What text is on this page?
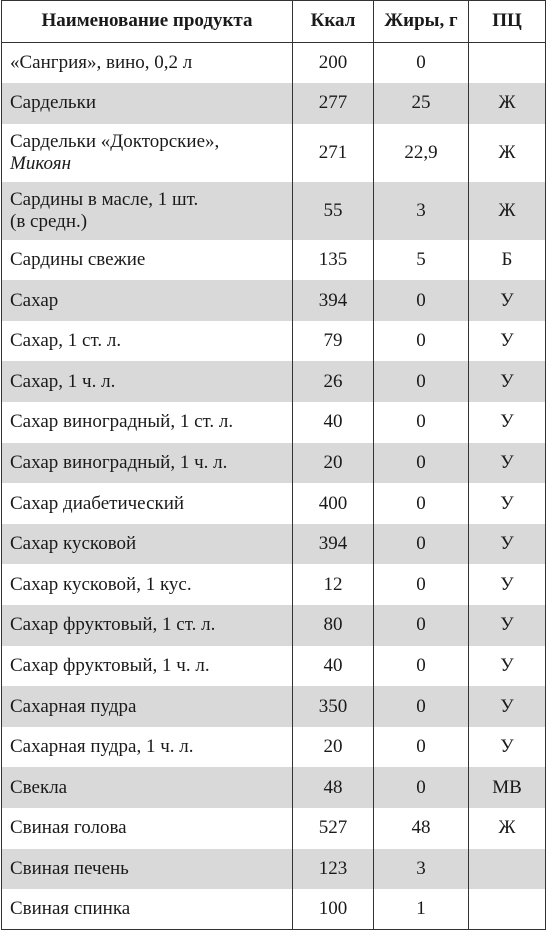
Наименование продукта	Ккал	Жиры, г	ПЦ
«Сангрия», вино, 0,2 л	200	0	
Сардельки	277	25	Ж
Сардельки «Докторские»,
Микоян	271	22,9	Ж
Сардины в масле, 1 шт.
(в средн.)	55	3	Ж
Сардины свежие	135	5	Б
Сахар	394	0	У
Сахар, 1 ст. л.	79	0	У
Сахар, 1 ч. л.	26	0	У
Сахар виноградный, 1 ст. л.	40	0	У
Сахар виноградный, 1 ч. л.	20	0	У
Сахар диабетический	400	0	У
Сахар кусковой	394	0	У
Сахар кусковой, 1 кус.	12	0	У
Сахар фруктовый, 1 ст. л.	80	0	У
Сахар фруктовый, 1 ч. л.	40	0	У
Сахарная пудра	350	0	У
Сахарная пудра, 1 ч. л.	20	0	У
Свекла	48	0	МВ
Свиная голова	527	48	Ж
Свиная печень	123	3	
Свиная спинка	100	1	
